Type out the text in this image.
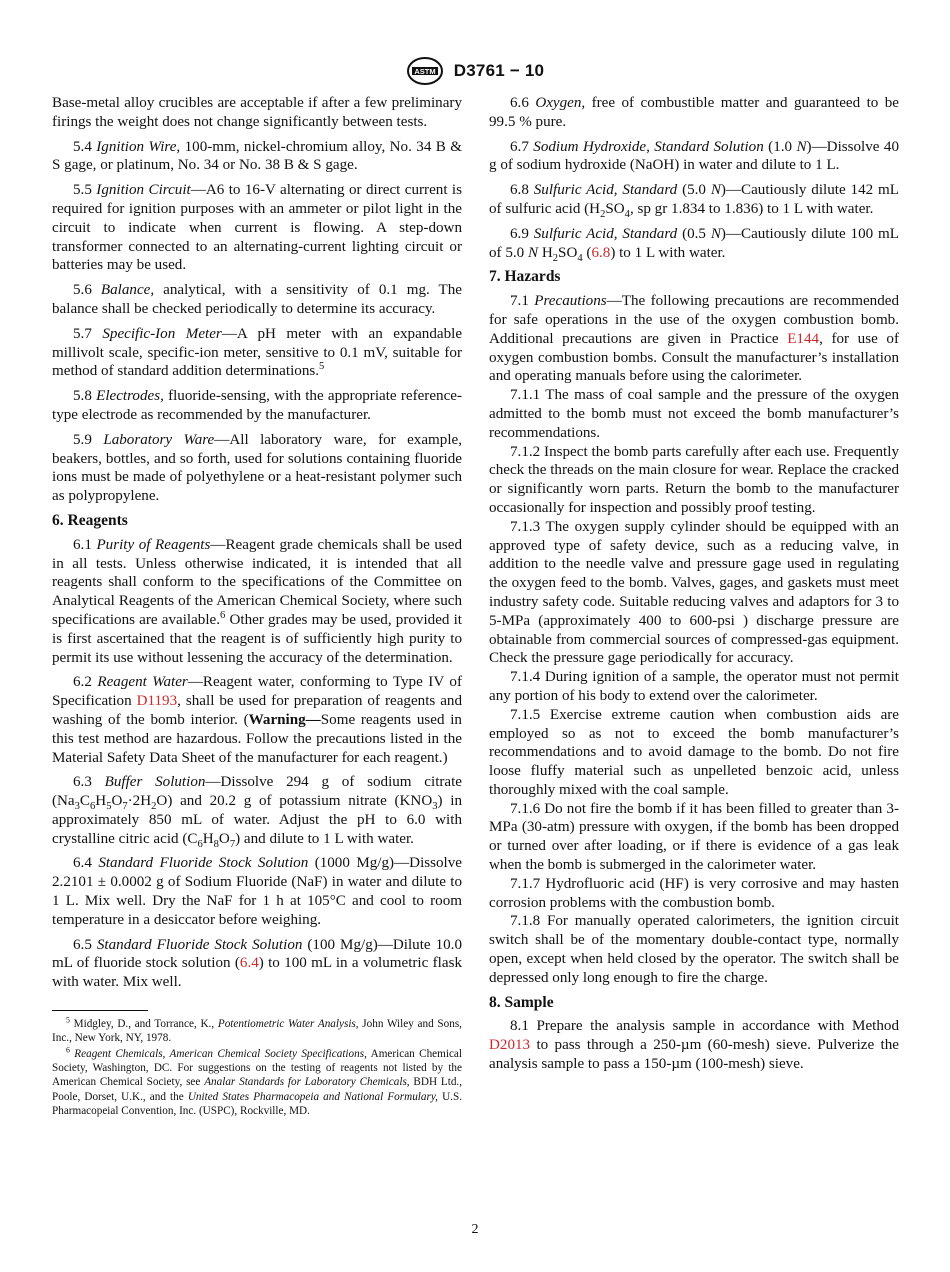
ASTM D3761 − 10

Base-metal alloy crucibles are acceptable if after a few preliminary firings the weight does not change significantly between tests.

5.4 Ignition Wire, 100-mm, nickel-chromium alloy, No. 34 B & S gage, or platinum, No. 34 or No. 38 B & S gage.

5.5 Ignition Circuit—A6 to 16-V alternating or direct current is required for ignition purposes with an ammeter or pilot light in the circuit to indicate when current is flowing. A step-down transformer connected to an alternating-current lighting circuit or batteries may be used.

5.6 Balance, analytical, with a sensitivity of 0.1 mg. The balance shall be checked periodically to determine its accuracy.

5.7 Specific-Ion Meter—A pH meter with an expandable millivolt scale, specific-ion meter, sensitive to 0.1 mV, suitable for method of standard addition determinations.$^5$

5.8 Electrodes, fluoride-sensing, with the appropriate reference-type electrode as recommended by the manufacturer.

5.9 Laboratory Ware—All laboratory ware, for example, beakers, bottles, and so forth, used for solutions containing fluoride ions must be made of polyethylene or a heat-resistant polymer such as polypropylene.

6. Reagents

6.1 Purity of Reagents—Reagent grade chemicals shall be used in all tests. Unless otherwise indicated, it is intended that all reagents shall conform to the specifications of the Committee on Analytical Reagents of the American Chemical Society, where such specifications are available.$^6$ Other grades may be used, provided it is first ascertained that the reagent is of sufficiently high purity to permit its use without lessening the accuracy of the determination.

6.2 Reagent Water—Reagent water, conforming to Type IV of Specification D1193, shall be used for preparation of reagents and washing of the bomb interior. (Warning—Some reagents used in this test method are hazardous. Follow the precautions listed in the Material Safety Data Sheet of the manufacturer for each reagent.)

6.3 Buffer Solution—Dissolve 294 g of sodium citrate $(Na_3C_6H_5O_7\cdot 2H_2O)$ and 20.2 g of potassium nitrate $(KNO_3)$ in approximately 850 mL of water. Adjust the pH to 6.0 with crystalline citric acid $(C_6H_8O_7)$ and dilute to 1 L with water.

6.4 Standard Fluoride Stock Solution (1000 Mg/g)—Dissolve 2.2101 ± 0.0002 g of Sodium Fluoride (NaF) in water and dilute to 1 L. Mix well. Dry the NaF for 1 h at 105°C and cool to room temperature in a desiccator before weighing.

6.5 Standard Fluoride Stock Solution (100 Mg/g)—Dilute 10.0 mL of fluoride stock solution (6.4) to 100 mL in a volumetric flask with water. Mix well.

$^5$ Midgley, D., and Torrance, K., Potentiometric Water Analysis, John Wiley and Sons, Inc., New York, NY, 1978.

$^6$ Reagent Chemicals, American Chemical Society Specifications, American Chemical Society, Washington, DC. For suggestions on the testing of reagents not listed by the American Chemical Society, see Analar Standards for Laboratory Chemicals, BDH Ltd., Poole, Dorset, U.K., and the United States Pharmacopeia and National Formulary, U.S. Pharmacopeial Convention, Inc. (USPC), Rockville, MD.

6.6 Oxygen, free of combustible matter and guaranteed to be 99.5 % pure.

6.7 Sodium Hydroxide, Standard Solution (1.0 N)—Dissolve 40 g of sodium hydroxide (NaOH) in water and dilute to 1 L.

6.8 Sulfuric Acid, Standard (5.0 N)—Cautiously dilute 142 mL of sulfuric acid ($H_2SO_4$, sp gr 1.834 to 1.836) to 1 L with water.

6.9 Sulfuric Acid, Standard (0.5 N)—Cautiously dilute 100 mL of 5.0 N $H_2SO_4$ (6.8) to 1 L with water.

7. Hazards

7.1 Precautions—The following precautions are recommended for safe operations in the use of the oxygen combustion bomb. Additional precautions are given in Practice E144, for use of oxygen combustion bombs. Consult the manufacturer’s installation and operating manuals before using the calorimeter.

7.1.1 The mass of coal sample and the pressure of the oxygen admitted to the bomb must not exceed the bomb manufacturer’s recommendations.

7.1.2 Inspect the bomb parts carefully after each use. Frequently check the threads on the main closure for wear. Replace the cracked or significantly worn parts. Return the bomb to the manufacturer occasionally for inspection and possibly proof testing.

7.1.3 The oxygen supply cylinder should be equipped with an approved type of safety device, such as a reducing valve, in addition to the needle valve and pressure gage used in regulating the oxygen feed to the bomb. Valves, gages, and gaskets must meet industry safety code. Suitable reducing valves and adaptors for 3 to 5-MPa (approximately 400 to 600-psi ) discharge pressure are obtainable from commercial sources of compressed-gas equipment. Check the pressure gage periodically for accuracy.

7.1.4 During ignition of a sample, the operator must not permit any portion of his body to extend over the calorimeter.

7.1.5 Exercise extreme caution when combustion aids are employed so as not to exceed the bomb manufacturer’s recommendations and to avoid damage to the bomb. Do not fire loose fluffy material such as unpelleted benzoic acid, unless thoroughly mixed with the coal sample.

7.1.6 Do not fire the bomb if it has been filled to greater than 3-MPa (30-atm) pressure with oxygen, if the bomb has been dropped or turned over after loading, or if there is evidence of a gas leak when the bomb is submerged in the calorimeter water.

7.1.7 Hydrofluoric acid (HF) is very corrosive and may hasten corrosion problems with the combustion bomb.

7.1.8 For manually operated calorimeters, the ignition circuit switch shall be of the momentary double-contact type, normally open, except when held closed by the operator. The switch shall be depressed only long enough to fire the charge.

8. Sample

8.1 Prepare the analysis sample in accordance with Method D2013 to pass through a 250-µm (60-mesh) sieve. Pulverize the analysis sample to pass a 150-µm (100-mesh) sieve.

2
